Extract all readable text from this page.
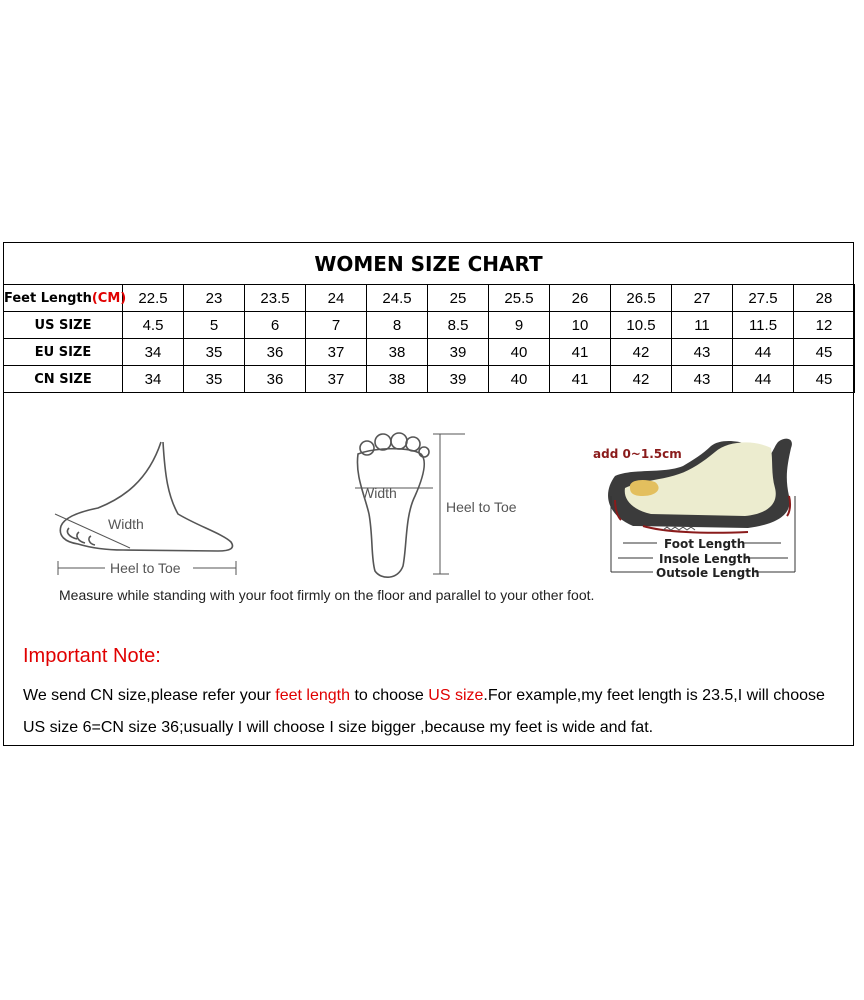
WOMEN SIZE CHART
Feet Length(CM)	22.5	23	23.5	24	24.5	25	25.5	26	26.5	27	27.5	28
US SIZE	4.5	5	6	7	8	8.5	9	10	10.5	11	11.5	12
EU SIZE	34	35	36	37	38	39	40	41	42	43	44	45
CN SIZE	34	35	36	37	38	39	40	41	42	43	44	45
Width
Heel to Toe
Width
Heel to Toe
add 0~1.5cm
Foot Length
Insole Length
Outsole Length
Measure while standing with your foot firmly on the floor and parallel to your other foot.
Important Note:
We send CN size,please refer your feet length to choose US size.For example,my feet length is 23.5,I will choose US size 6=CN size 36;usually I will choose I size bigger ,because my feet is wide and fat.
